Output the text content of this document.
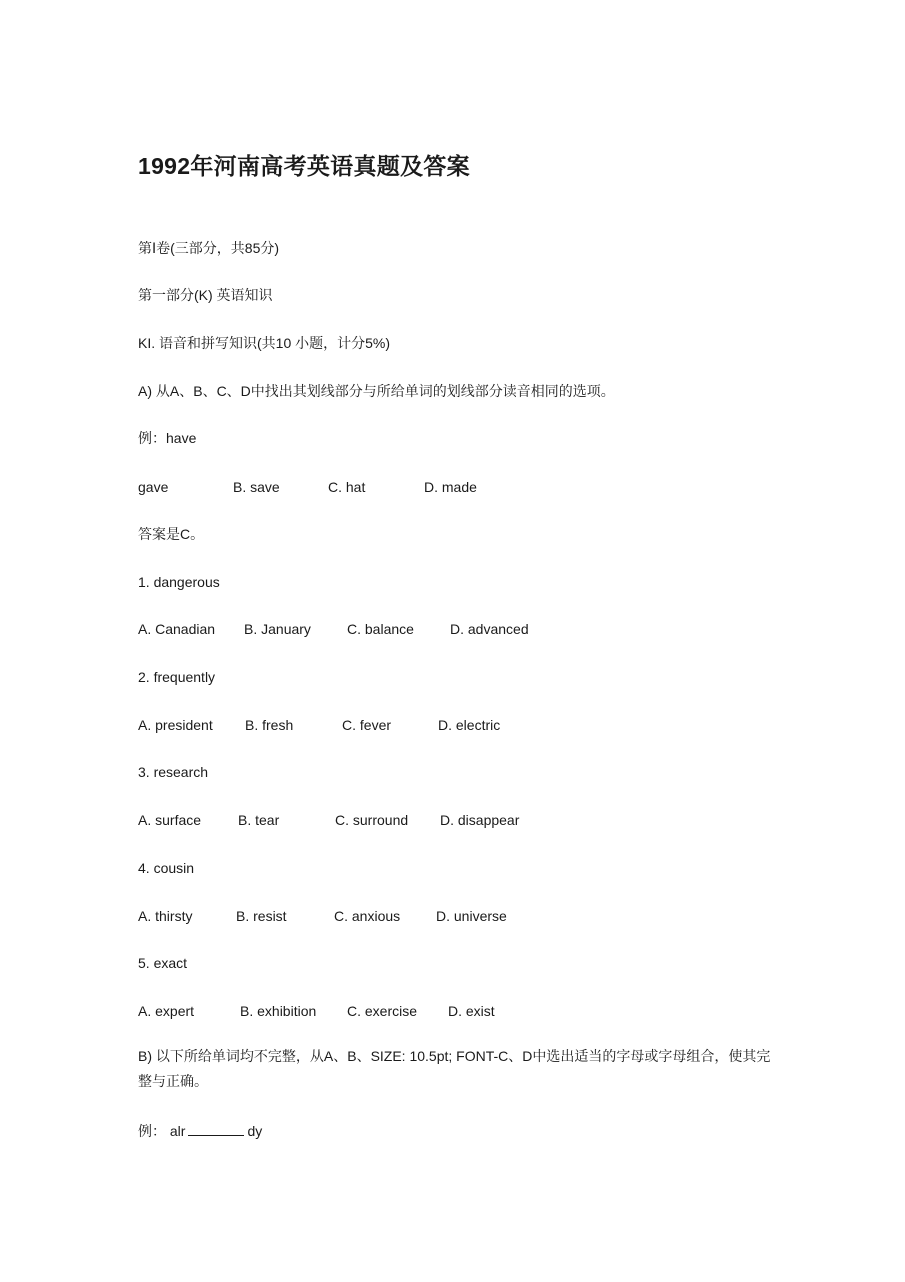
1992年河南高考英语真题及答案
第Ⅰ卷(三部分，共85分)
第一部分(K) 英语知识
KI. 语音和拼写知识(共10 小题，计分5%)
A) 从A、B、C、D中找出其划线部分与所给单词的划线部分读音相同的选项。
例：have
gave	B. save	C. hat	D. made
答案是C。
1. dangerous
A. Canadian B. January	C. balance	D. advanced
2. frequently
A. president B. fresh	C. fever	D. electric
3. research
A. surface	B. tear	C. surround D. disappear
4. cousin
A. thirsty	B. resist	C. anxious	D. universe
5. exact
A. expert	B. exhibition C. exercise D. exist
B) 以下所给单词均不完整，从A、B、SIZE: 10.5pt; FONT-C、D中选出适当的字母或字母组合，使其完整与正确。
例： alr	dy
